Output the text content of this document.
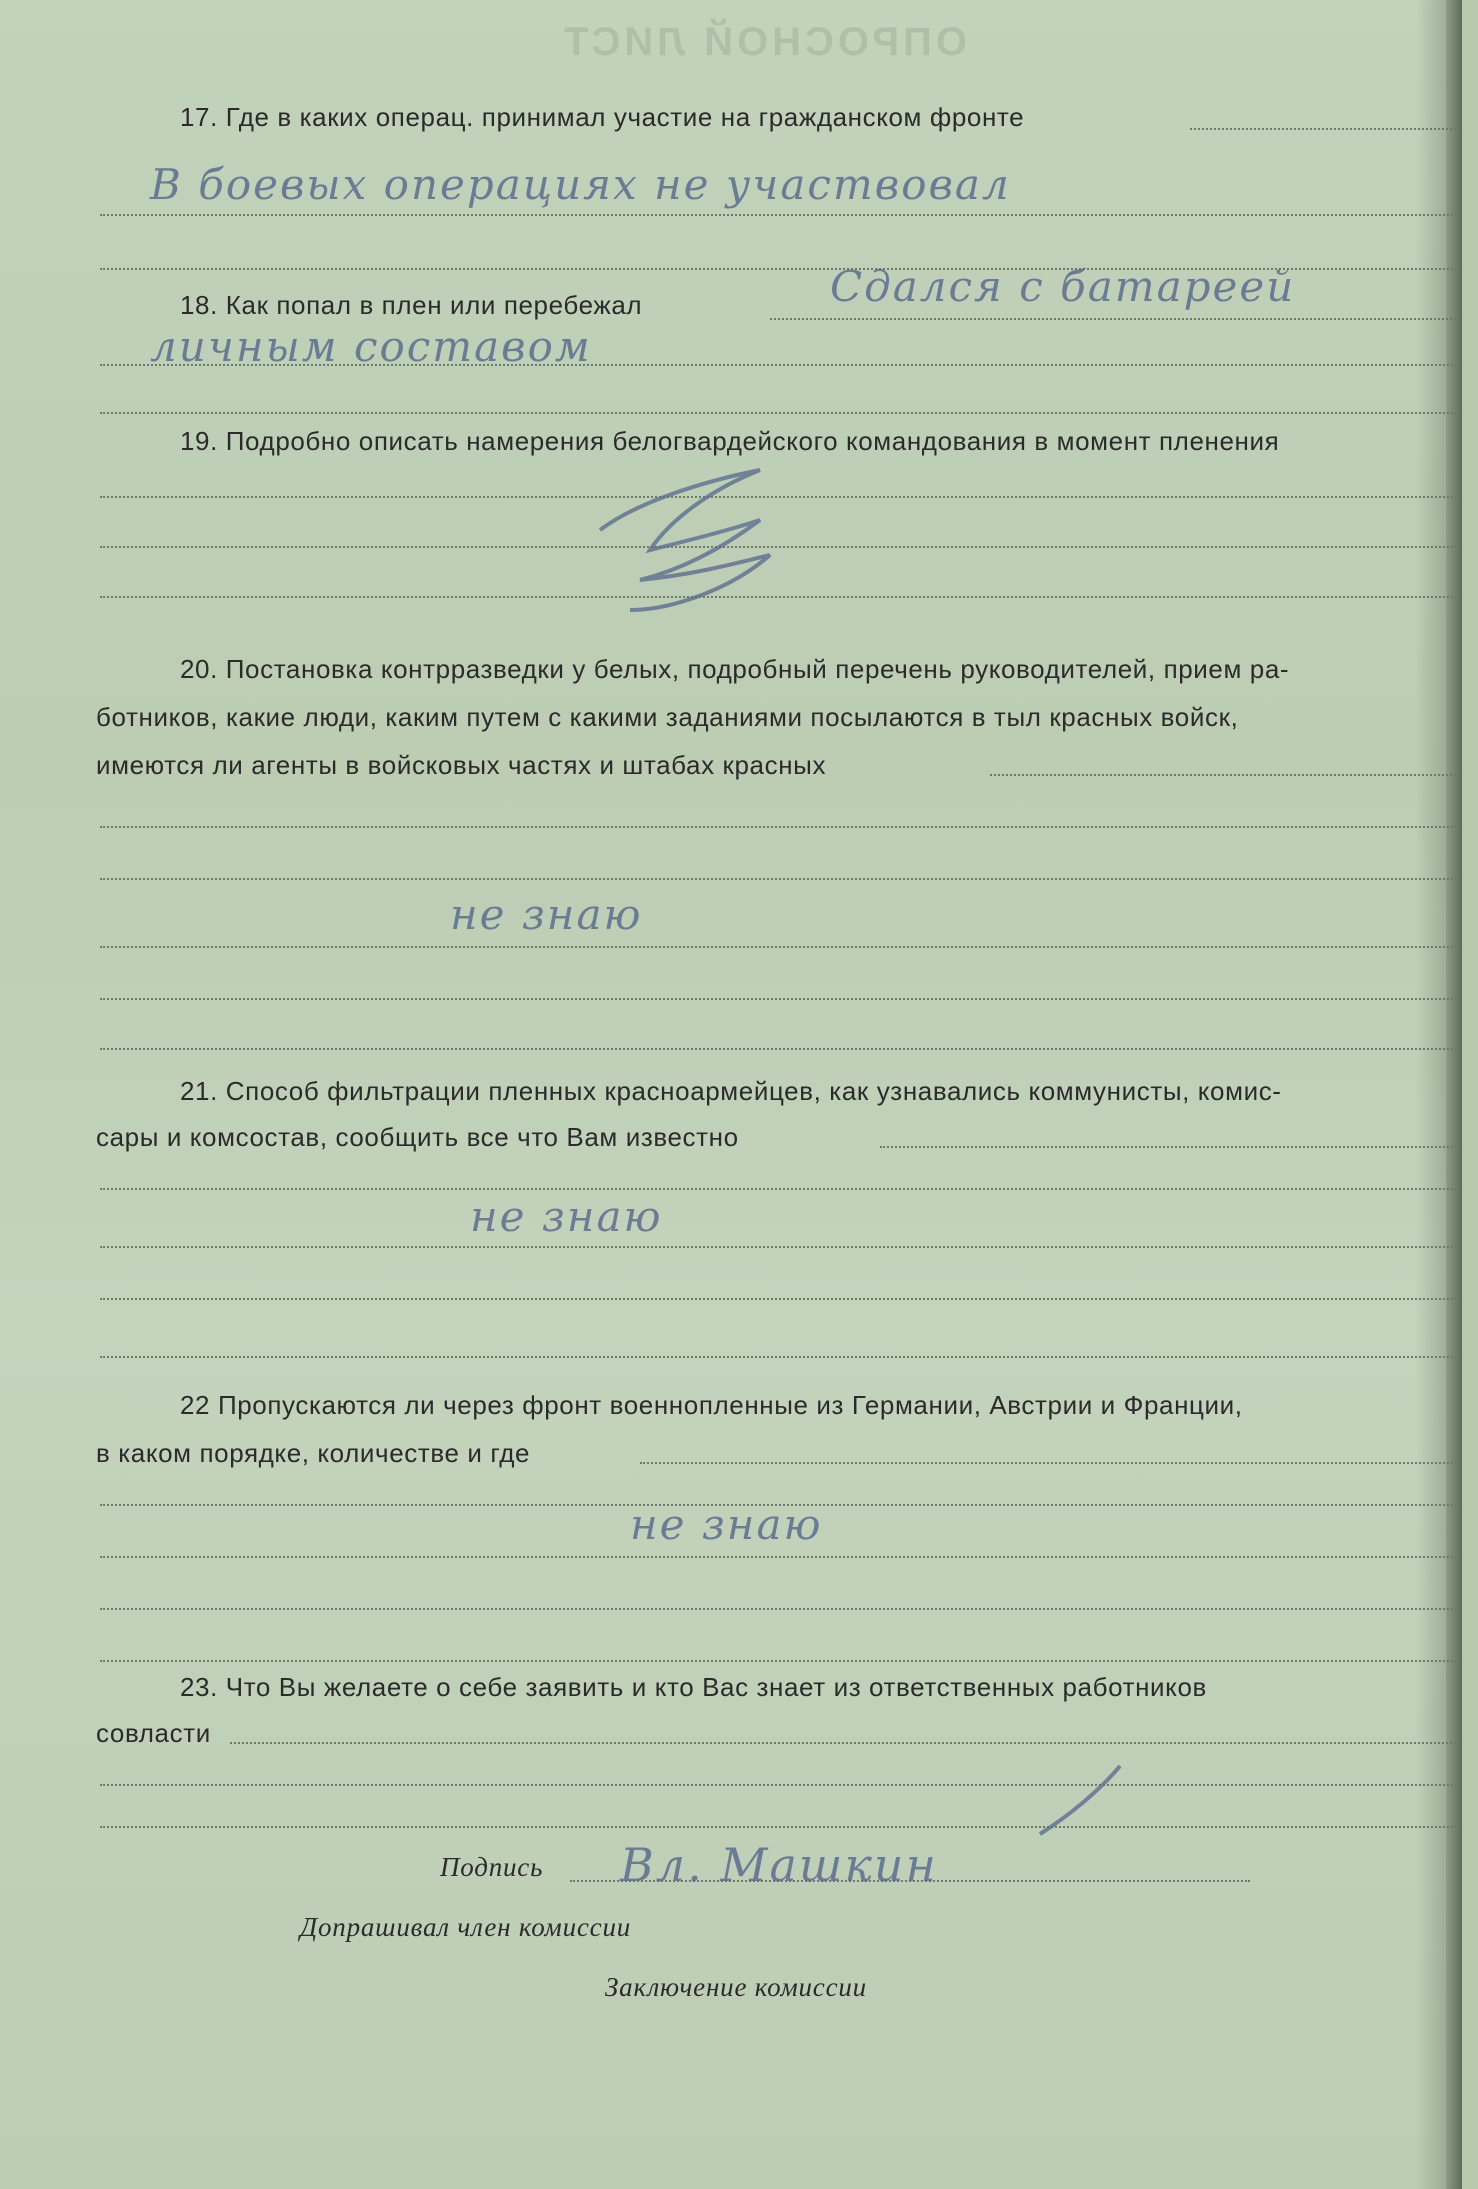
ОПРОСНОЙ ЛИСТ
17. Где в каких операц. принимал участие на гражданском фронте
В боевых операциях не участвовал
18. Как попал в плен или перебежал	Сдался с батареей
личным составом
19. Подробно описать намерения белогвардейского командования в момент пленения
20. Постановка контрразведки у белых, подробный перечень руководителей, прием ра-
ботников, какие люди, каким путем с какими заданиями посылаются в тыл красных войск,
имеются ли агенты в войсковых частях и штабах красных
не знаю
21. Способ фильтрации пленных красноармейцев, как узнавались коммунисты, комис-
сары и комсостав, сообщить все что Вам известно
не знаю
22 Пропускаются ли через фронт военнопленные из Германии, Австрии и Франции,
в каком порядке, количестве и где
не знаю
23. Что Вы желаете о себе заявить и кто Вас знает из ответственных работников
совласти
Подпись Вл. Машкин
Допрашивал член комиссии
Заключение комиссии
